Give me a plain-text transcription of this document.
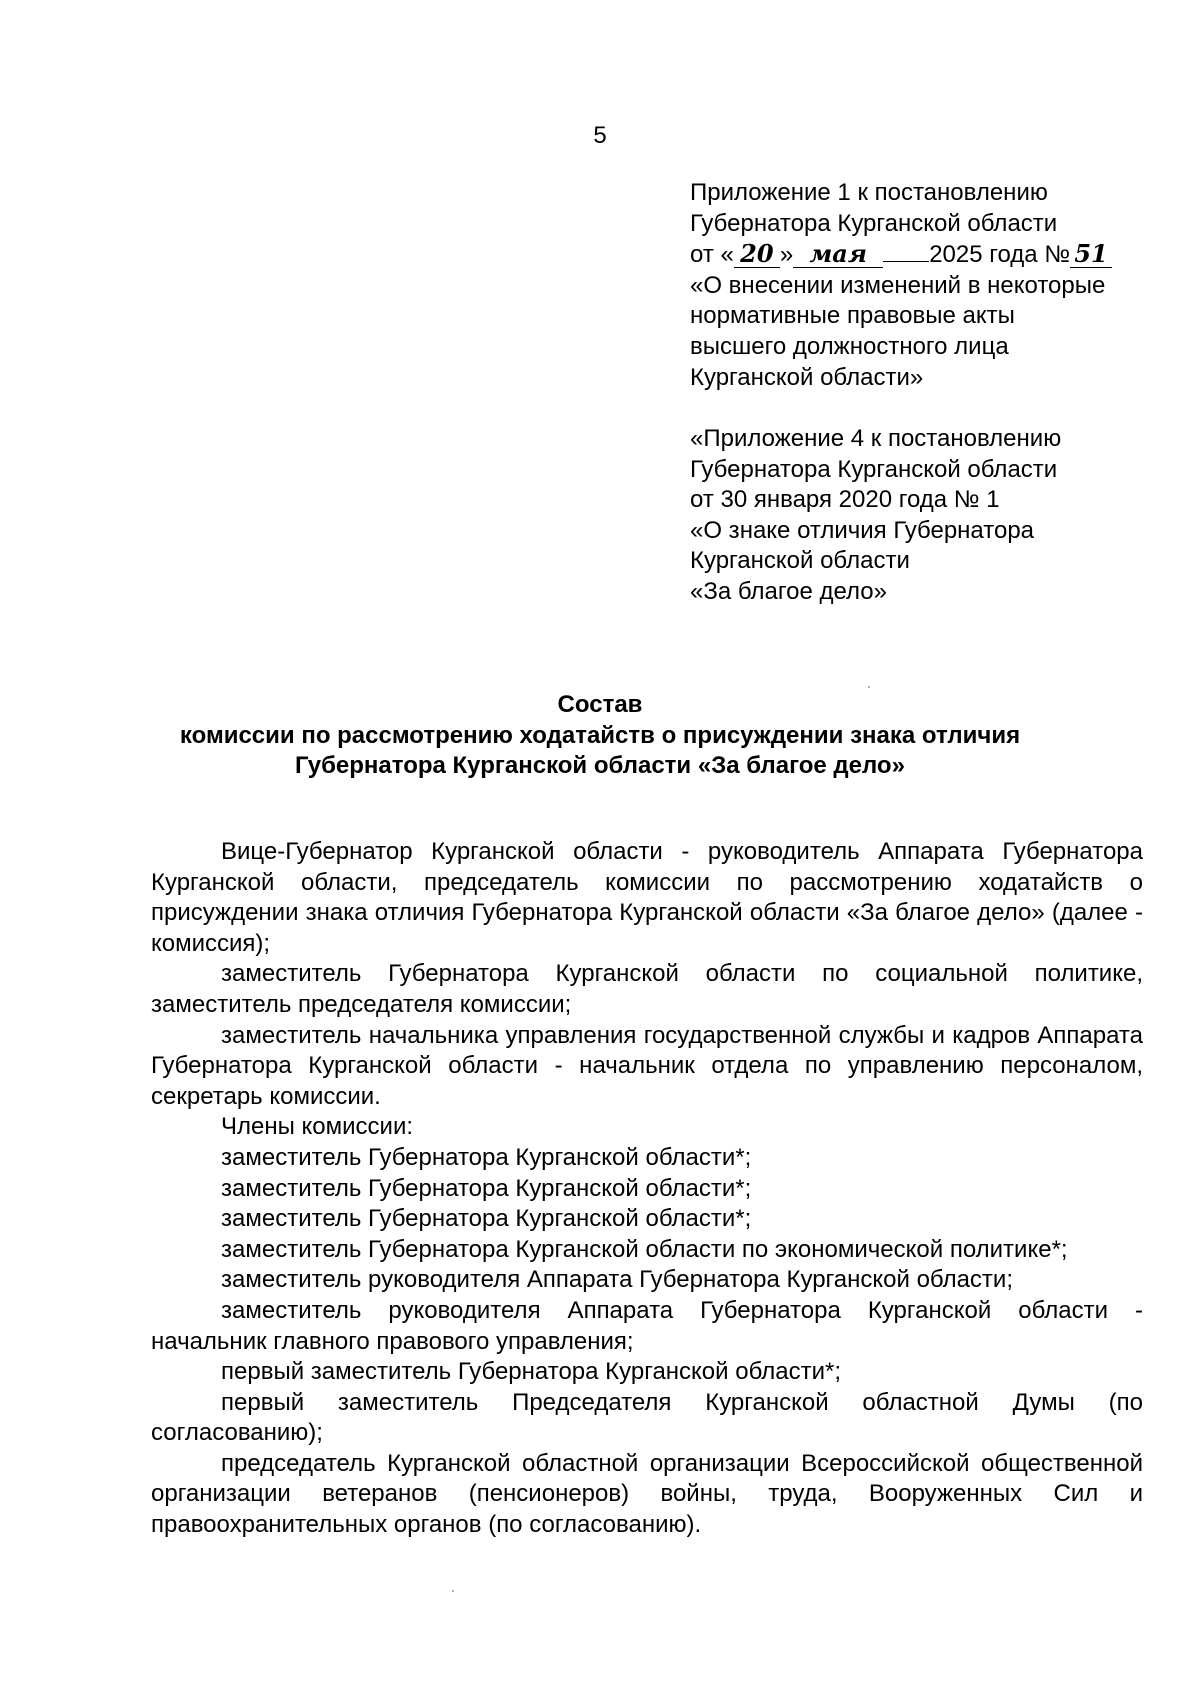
5
Приложение 1 к постановлению
Губернатора Курганской области
от « 20 » мая	2025 года № 51
«О внесении изменений в некоторые
нормативные правовые акты
высшего должностного лица
Курганской области»
«Приложение 4 к постановлению
Губернатора Курганской области
от 30 января 2020 года № 1
«О знаке отличия Губернатора
Курганской области
«За благое дело»
Состав
комиссии по рассмотрению ходатайств о присуждении знака отличия
Губернатора Курганской области «За благое дело»

Вице-Губернатор Курганской области - руководитель Аппарата Губернатора Курганской области, председатель комиссии по рассмотрению ходатайств о присуждении знака отличия Губернатора Курганской области «За благое дело» (далее - комиссия);

заместитель Губернатора Курганской области по социальной политике, заместитель председателя комиссии;

заместитель начальника управления государственной службы и кадров Аппарата Губернатора Курганской области - начальник отдела по управлению персоналом, секретарь комиссии.

Члены комиссии:

заместитель Губернатора Курганской области*;

заместитель Губернатора Курганской области*;

заместитель Губернатора Курганской области*;

заместитель Губернатора Курганской области по экономической политике*;

заместитель руководителя Аппарата Губернатора Курганской области;

заместитель руководителя Аппарата Губернатора Курганской области - начальник главного правового управления;

первый заместитель Губернатора Курганской области*;

первый заместитель Председателя Курганской областной Думы (по согласованию);

председатель Курганской областной организации Всероссийской общественной организации ветеранов (пенсионеров) войны, труда, Вооруженных Сил и правоохранительных органов (по согласованию).
